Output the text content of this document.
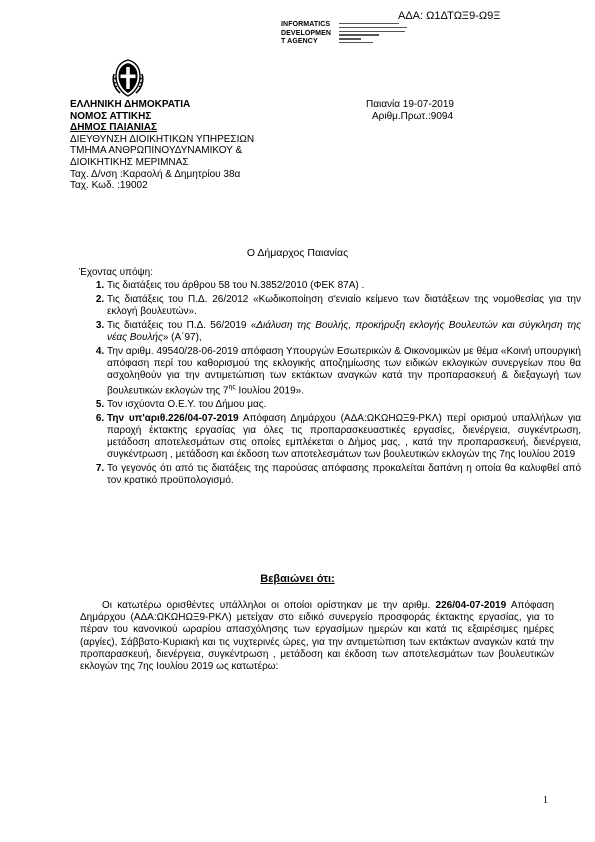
ΑΔΑ: Ω1ΔΤΩΞ9-Ω9Ξ
INFORMATICS
DEVELOPMEN
T AGENCY
ΕΛΛΗΝΙΚΗ ΔΗΜΟΚΡΑΤΙΑ
ΝΟΜΟΣ ΑΤΤΙΚΗΣ
ΔΗΜΟΣ ΠΑΙΑΝΙΑΣ
ΔΙΕΥΘΥΝΣΗ ΔΙΟΙΚΗΤΙΚΩΝ ΥΠΗΡΕΣΙΩΝ
ΤΜΗΜΑ ΑΝΘΡΩΠΙΝΟΥΔΥΝΑΜΙΚΟΥ &
ΔΙΟΙΚΗΤΙΚΗΣ ΜΕΡΙΜΝΑΣ
Ταχ. Δ/νση :Καραολή & Δημητρίου 38α
Ταχ. Κωδ. :19002
Παιανία 19-07-2019
Αριθμ.Πρωτ.:9094
Ο Δήμαρχος Παιανίας
Έχοντας υπόψη:
1. Τις διατάξεις του άρθρου 58 του Ν.3852/2010 (ΦΕΚ 87Α) .
2. Τις διατάξεις του Π.Δ. 26/2012 «Κωδικοποίηση σ'ενιαίο κείμενο των διατάξεων της νομοθεσίας για την εκλογή βουλευτών».
3. Τις διατάξεις του Π.Δ. 56/2019 «Διάλυση της Βουλής, προκήρυξη εκλογής Βουλευτών και σύγκληση της νέας Βουλής» (Α΄97),
4. Την αριθμ. 49540/28-06-2019 απόφαση Υπουργών Εσωτερικών & Οικονομικών με θέμα «Κοινή υπουργική απόφαση περί του καθορισμού της εκλογικής αποζημίωσης των ειδικών εκλογικών συνεργείων που θα ασχοληθούν για την αντιμετώπιση των εκτάκτων αναγκών κατά την προπαρασκευή & διεξαγωγή των βουλευτικών εκλογών της $7^{\eta\varsigma}$ Ιουλίου 2019».
5. Τον ισχύοντα Ο.Ε.Υ. του Δήμου μας.
6. Την υπ'αριθ.226/04-07-2019 Απόφαση Δημάρχου (ΑΔΑ:ΩΚΩΗΩΞ9-ΡΚΛ) περί ορισμού υπαλλήλων για παροχή έκτακτης εργασίας για όλες τις προπαρασκευαστικές εργασίες, διενέργεια, συγκέντρωση, μετάδοση αποτελεσμάτων στις οποίες εμπλέκεται ο Δήμος μας, , κατά την προπαρασκευή, διενέργεια, συγκέντρωση , μετάδοση και έκδοση των αποτελεσμάτων των βουλευτικών εκλογών της 7ης Ιουλίου 2019
7. Το γεγονός ότι από τις διατάξεις της παρούσας απόφασης προκαλείται δαπάνη η οποία θα καλυφθεί από τον κρατικό προϋπολογισμό.
Βεβαιώνει ότι:
Οι κατωτέρω ορισθέντες υπάλληλοι οι οποίοι ορίστηκαν με την αριθμ. 226/04-07-2019 Απόφαση Δημάρχου (ΑΔΑ:ΩΚΩΗΩΞ9-ΡΚΛ) μετείχαν στο ειδικό συνεργείο προσφοράς έκτακτης εργασίας, για το πέραν του κανονικού ωραρίου απασχόλησης των εργασίμων ημερών και κατά τις εξαιρέσιμες ημέρες (αργίες), Σάββατο-Κυριακή και τις νυχτερινές ώρες, για την αντιμετώπιση των εκτάκτων αναγκών κατά την προπαρασκευή, διενέργεια, συγκέντρωση , μετάδοση και έκδοση των αποτελεσμάτων των βουλευτικών εκλογών της 7ης Ιουλίου 2019 ως κατωτέρω:
1
